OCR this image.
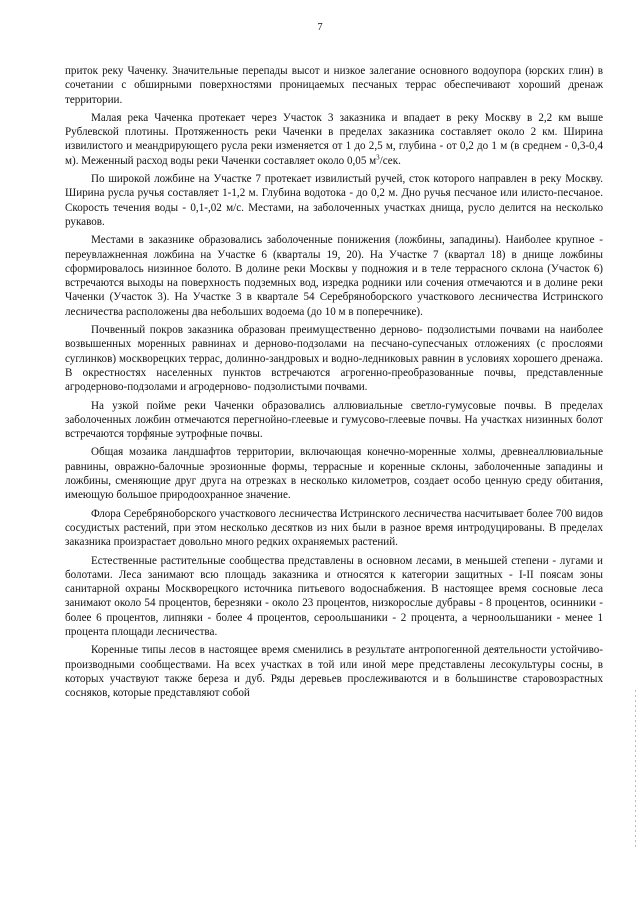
7

приток реку Чаченку. Значительные перепады высот и низкое залегание основного водоупора (юрских глин) в сочетании с обширными поверхностями проницаемых песчаных террас обеспечивают хороший дренаж территории.

Малая река Чаченка протекает через Участок 3 заказника и впадает в реку Москву в 2,2 км выше Рублевской плотины. Протяженность реки Чаченки в пределах заказника составляет около 2 км. Ширина извилистого и меандрирующего русла реки изменяется от 1 до 2,5 м, глубина - от 0,2 до 1 м (в среднем - 0,3-0,4 м). Меженный расход воды реки Чаченки составляет около 0,05 $м^3$/сек.

По широкой ложбине на Участке 7 протекает извилистый ручей, сток которого направлен в реку Москву. Ширина русла ручья составляет 1-1,2 м. Глубина водотока - до 0,2 м. Дно ручья песчаное или илисто-песчаное. Скорость течения воды - 0,1-,02 м/с. Местами, на заболоченных участках днища, русло делится на несколько рукавов.

Местами в заказнике образовались заболоченные понижения (ложбины, западины). Наиболее крупное - переувлажненная ложбина на Участке 6 (кварталы 19, 20). На Участке 7 (квартал 18) в днище ложбины сформировалось низинное болото. В долине реки Москвы у подножия и в теле террасного склона (Участок 6) встречаются выходы на поверхность подземных вод, изредка родники или сочения отмечаются и в долине реки Чаченки (Участок 3). На Участке 3 в квартале 54 Серебряноборского участкового лесничества Истринского лесничества расположены два небольших водоема (до 10 м в поперечнике).

Почвенный покров заказника образован преимущественно дерново- подзолистыми почвами на наиболее возвышенных моренных равнинах и дерново-подзолами на песчано-супесчаных отложениях (с прослоями суглинков) москворецких террас, долинно-зандровых и водно-ледниковых равнин в условиях хорошего дренажа. В окрестностях населенных пунктов встречаются агрогенно-преобразованные почвы, представленные агродерново-подзолами и агродерново- подзолистыми почвами.

На узкой пойме реки Чаченки образовались аллювиальные светло-гумусовые почвы. В пределах заболоченных ложбин отмечаются перегнойно-глеевые и гумусово-глеевые почвы. На участках низинных болот встречаются торфяные эутрофные почвы.

Общая мозаика ландшафтов территории, включающая конечно-моренные холмы, древнеаллювиальные равнины, овражно-балочные эрозионные формы, террасные и коренные склоны, заболоченные западины и ложбины, сменяющие друг друга на отрезках в несколько километров, создает особо ценную среду обитания, имеющую большое природоохранное значение.

Флора Серебряноборского участкового лесничества Истринского лесничества насчитывает более 700 видов сосудистых растений, при этом несколько десятков из них были в разное время интродуцированы. В пределах заказника произрастает довольно много редких охраняемых растений.

Естественные растительные сообщества представлены в основном лесами, в меньшей степени - лугами и болотами. Леса занимают всю площадь заказника и относятся к категории защитных - I-II поясам зоны санитарной охраны Москворецкого источника питьевого водоснабжения. В настоящее время сосновые леса занимают около 54 процентов, березняки - около 23 процентов, низкорослые дубравы - 8 процентов, осинники - более 6 процентов, липняки - более 4 процентов, сероольшаники - 2 процента, а черноольшаники - менее 1 процента площади лесничества.

Коренные типы лесов в настоящее время сменились в результате антропогенной деятельности устойчиво-производными сообществами. На всех участках в той или иной мере представлены лесокультуры сосны, в которых участвуют также береза и дуб. Ряды деревьев прослеживаются и в большинстве старовозрастных сосняков, которые представляют собой
